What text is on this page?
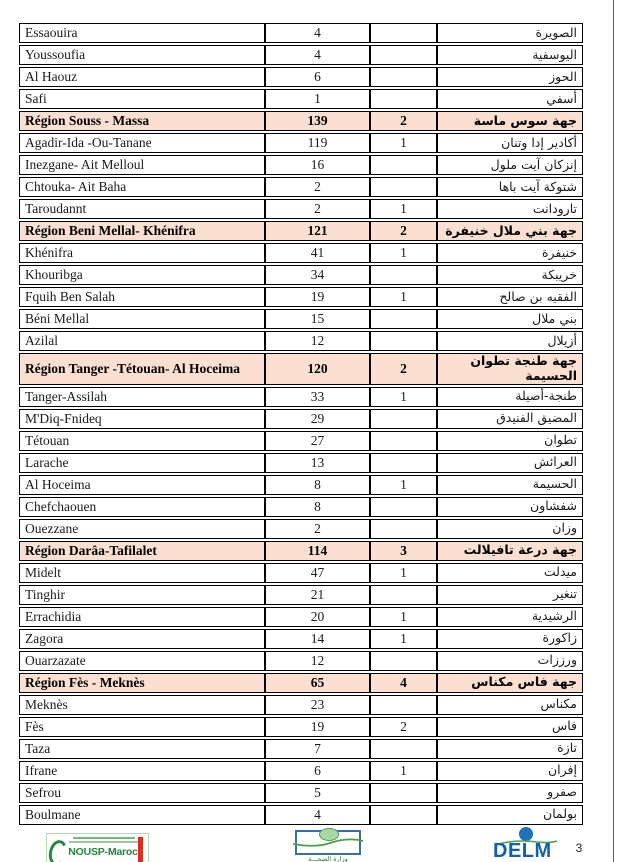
Essaouira	4		الصويرة
Youssoufia	4		اليوسفية
Al Haouz	6		الحوز
Safi	1		أسفي
Région Souss - Massa	139	2	جهة سوس ماسة
Agadir-Ida -Ou-Tanane	119	1	أكادير إدا وتنان
Inezgane- Ait Melloul	16		إنزكان آيت ملول
Chtouka- Ait Baha	2		شتوكة آيت باها
Taroudannt	2	1	تارودانت
Région Beni Mellal- Khénifra	121	2	جهة بني ملال خنيفرة
Khénifra	41	1	خنيفرة
Khouribga	34		خريبكة
Fquih Ben Salah	19	1	الفقيه بن صالح
Béni Mellal	15		بني ملال
Azilal	12		أزيلال
Région Tanger -Tétouan- Al Hoceima	120	2	جهة طنجة تطوان الحسيمة
Tanger-Assilah	33	1	طنجة-أصيلة
M'Diq-Fnideq	29		المضيق الفنيدق
Tétouan	27		تطوان
Larache	13		العرائش
Al Hoceima	8	1	الحسيمة
Chefchaouen	8		شفشاون
Ouezzane	2		وزان
Région Darâa-Tafilalet	114	3	جهة درعة تافيلالت
Midelt	47	1	ميدلت
Tinghir	21		تنغير
Errachidia	20	1	الرشيدية
Zagora	14	1	زاكورة
Ouarzazate	12		ورززات
Région Fès - Meknès	65	4	جهة فاس مكناس
Meknès	23		مكناس
Fès	19	2	فاس
Taza	7		تازة
Ifrane	6	1	إفران
Sefrou	5		صفرو
Boulmane	4		بولمان
NOUSP-Maroc
وزارة الصحـــة	DELM	3
